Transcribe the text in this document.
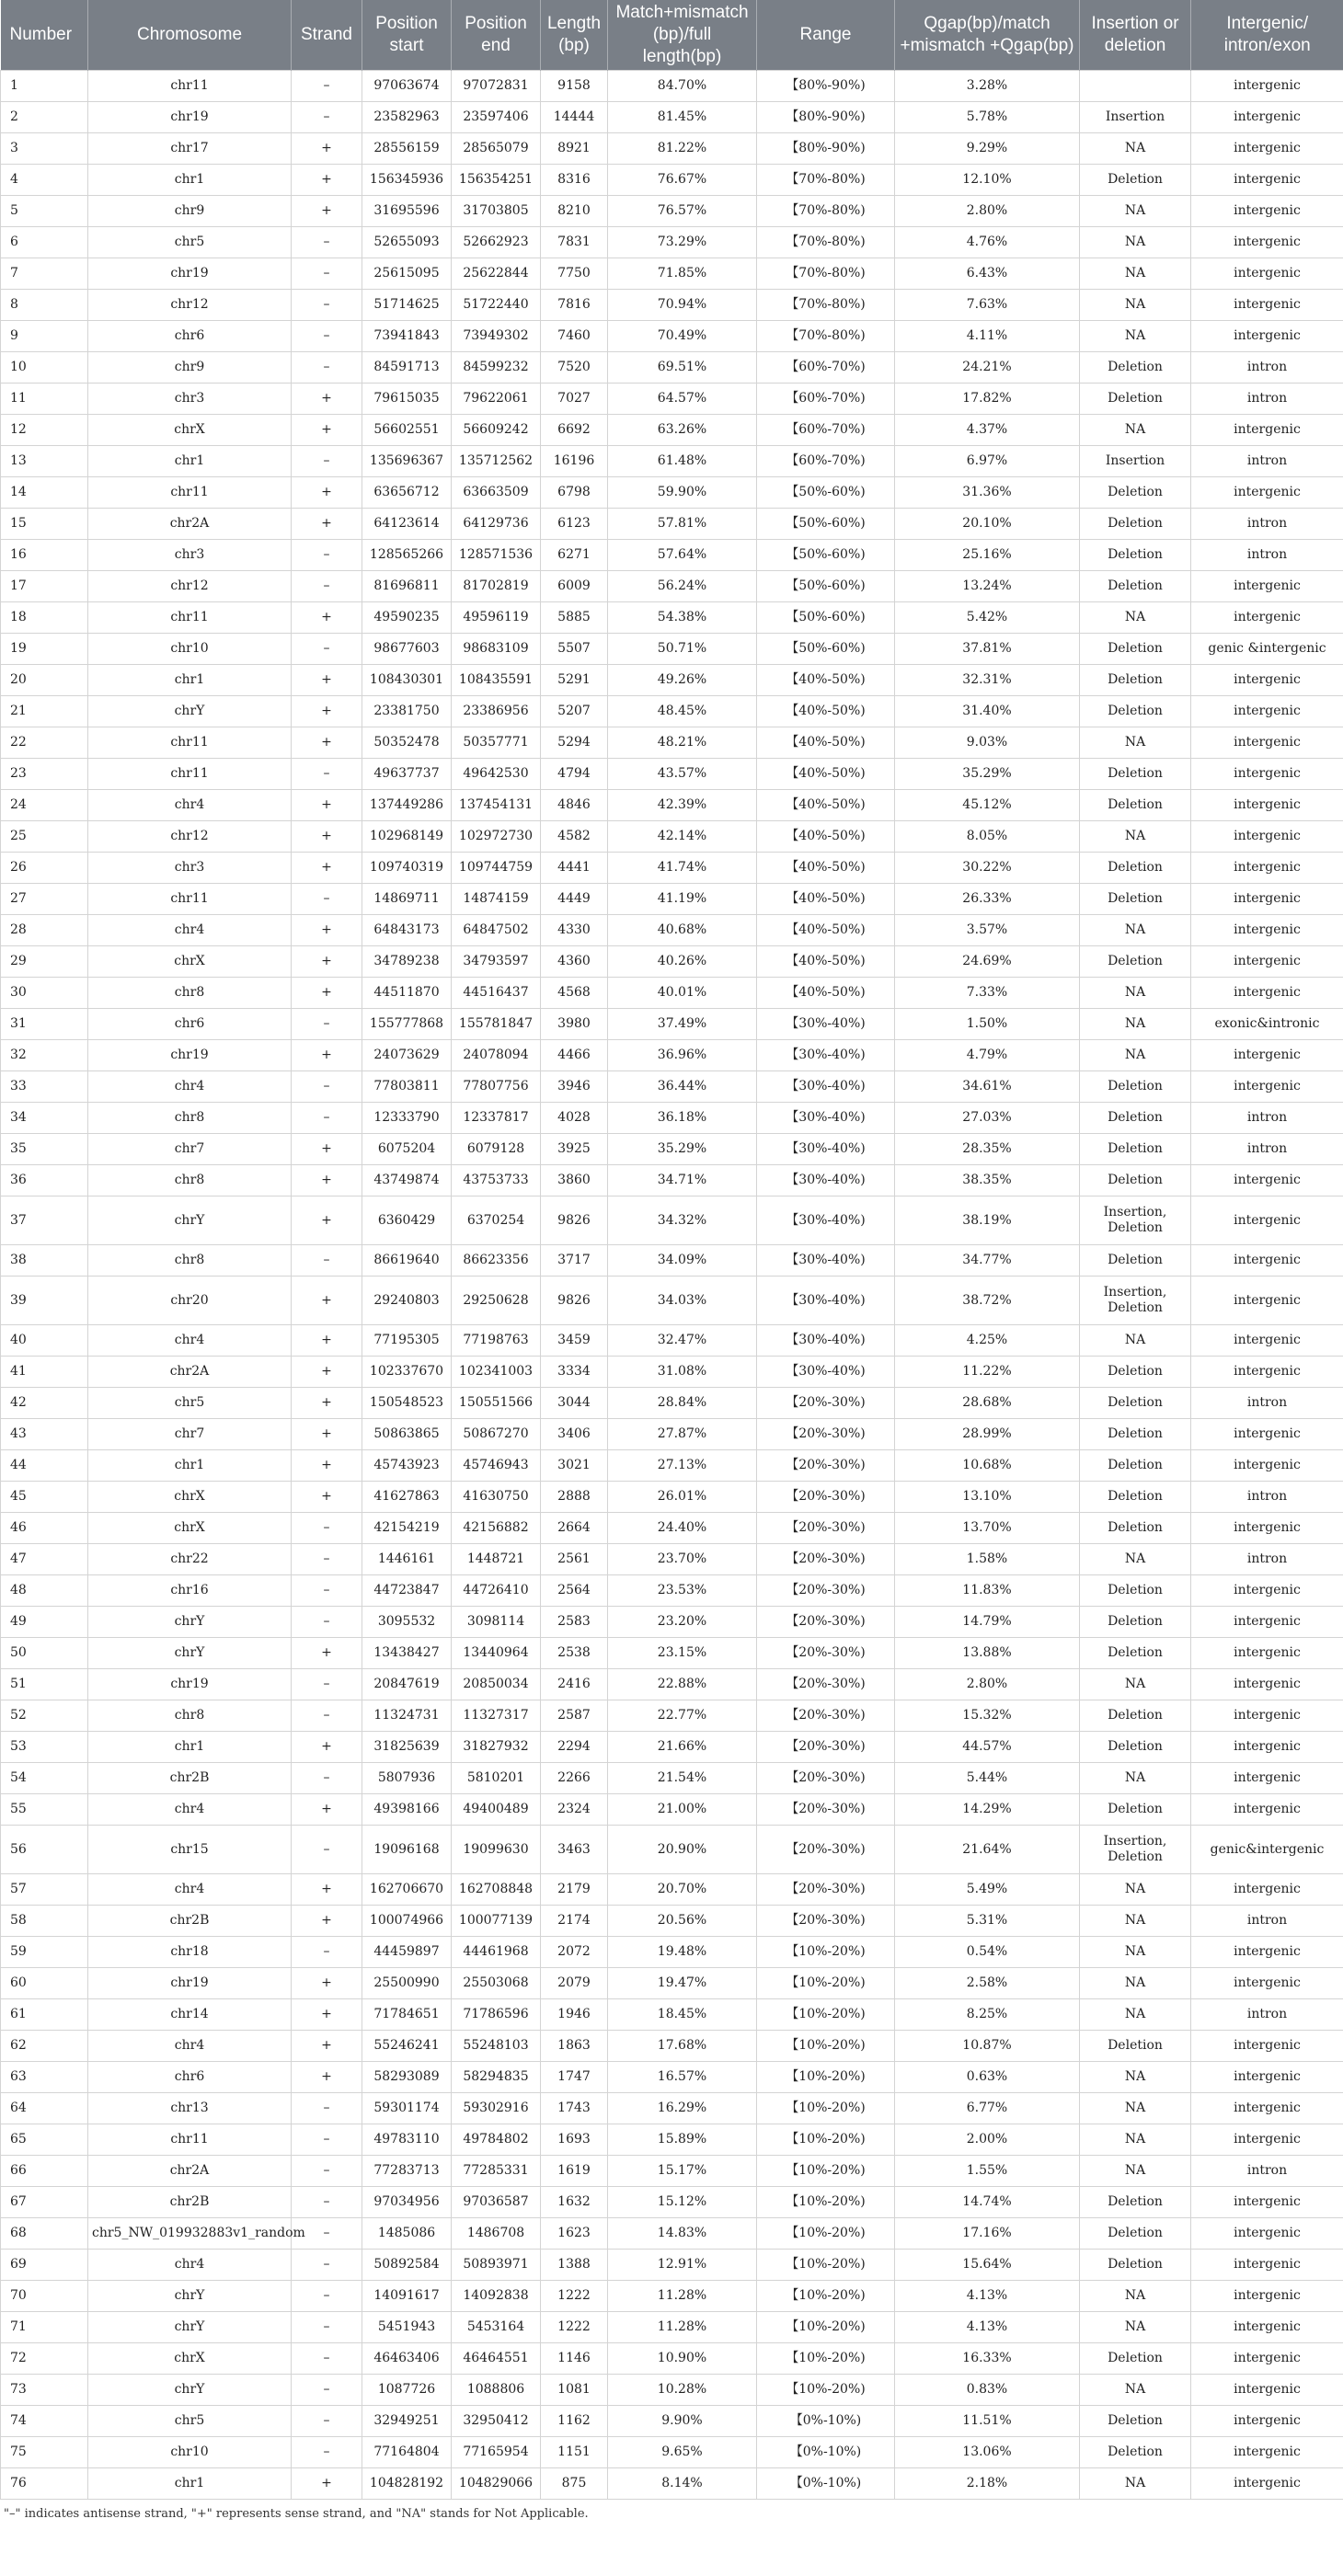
Number	Chromosome	Strand	Position start	Position end	Length (bp)	Match+mismatch (bp)/full length(bp)	Range	Qgap(bp)/match +mismatch +Qgap(bp)	Insertion or deletion	Intergenic/ intron/exon
1	chr11	–	97063674	97072831	9158	84.70%	【80%-90%)	3.28%		intergenic
2	chr19	–	23582963	23597406	14444	81.45%	【80%-90%)	5.78%	Insertion	intergenic
3	chr17	+	28556159	28565079	8921	81.22%	【80%-90%)	9.29%	NA	intergenic
4	chr1	+	156345936	156354251	8316	76.67%	【70%-80%)	12.10%	Deletion	intergenic
5	chr9	+	31695596	31703805	8210	76.57%	【70%-80%)	2.80%	NA	intergenic
6	chr5	–	52655093	52662923	7831	73.29%	【70%-80%)	4.76%	NA	intergenic
7	chr19	–	25615095	25622844	7750	71.85%	【70%-80%)	6.43%	NA	intergenic
8	chr12	–	51714625	51722440	7816	70.94%	【70%-80%)	7.63%	NA	intergenic
9	chr6	–	73941843	73949302	7460	70.49%	【70%-80%)	4.11%	NA	intergenic
10	chr9	–	84591713	84599232	7520	69.51%	【60%-70%)	24.21%	Deletion	intron
11	chr3	+	79615035	79622061	7027	64.57%	【60%-70%)	17.82%	Deletion	intron
12	chrX	+	56602551	56609242	6692	63.26%	【60%-70%)	4.37%	NA	intergenic
13	chr1	–	135696367	135712562	16196	61.48%	【60%-70%)	6.97%	Insertion	intron
14	chr11	+	63656712	63663509	6798	59.90%	【50%-60%)	31.36%	Deletion	intergenic
15	chr2A	+	64123614	64129736	6123	57.81%	【50%-60%)	20.10%	Deletion	intron
16	chr3	–	128565266	128571536	6271	57.64%	【50%-60%)	25.16%	Deletion	intron
17	chr12	–	81696811	81702819	6009	56.24%	【50%-60%)	13.24%	Deletion	intergenic
18	chr11	+	49590235	49596119	5885	54.38%	【50%-60%)	5.42%	NA	intergenic
19	chr10	–	98677603	98683109	5507	50.71%	【50%-60%)	37.81%	Deletion	genic &intergenic
20	chr1	+	108430301	108435591	5291	49.26%	【40%-50%)	32.31%	Deletion	intergenic
21	chrY	+	23381750	23386956	5207	48.45%	【40%-50%)	31.40%	Deletion	intergenic
22	chr11	+	50352478	50357771	5294	48.21%	【40%-50%)	9.03%	NA	intergenic
23	chr11	–	49637737	49642530	4794	43.57%	【40%-50%)	35.29%	Deletion	intergenic
24	chr4	+	137449286	137454131	4846	42.39%	【40%-50%)	45.12%	Deletion	intergenic
25	chr12	+	102968149	102972730	4582	42.14%	【40%-50%)	8.05%	NA	intergenic
26	chr3	+	109740319	109744759	4441	41.74%	【40%-50%)	30.22%	Deletion	intergenic
27	chr11	–	14869711	14874159	4449	41.19%	【40%-50%)	26.33%	Deletion	intergenic
28	chr4	+	64843173	64847502	4330	40.68%	【40%-50%)	3.57%	NA	intergenic
29	chrX	+	34789238	34793597	4360	40.26%	【40%-50%)	24.69%	Deletion	intergenic
30	chr8	+	44511870	44516437	4568	40.01%	【40%-50%)	7.33%	NA	intergenic
31	chr6	–	155777868	155781847	3980	37.49%	【30%-40%)	1.50%	NA	exonic&intronic
32	chr19	+	24073629	24078094	4466	36.96%	【30%-40%)	4.79%	NA	intergenic
33	chr4	–	77803811	77807756	3946	36.44%	【30%-40%)	34.61%	Deletion	intergenic
34	chr8	–	12333790	12337817	4028	36.18%	【30%-40%)	27.03%	Deletion	intron
35	chr7	+	6075204	6079128	3925	35.29%	【30%-40%)	28.35%	Deletion	intron
36	chr8	+	43749874	43753733	3860	34.71%	【30%-40%)	38.35%	Deletion	intergenic
37	chrY	+	6360429	6370254	9826	34.32%	【30%-40%)	38.19%	Insertion, Deletion	intergenic
38	chr8	–	86619640	86623356	3717	34.09%	【30%-40%)	34.77%	Deletion	intergenic
39	chr20	+	29240803	29250628	9826	34.03%	【30%-40%)	38.72%	Insertion, Deletion	intergenic
40	chr4	+	77195305	77198763	3459	32.47%	【30%-40%)	4.25%	NA	intergenic
41	chr2A	+	102337670	102341003	3334	31.08%	【30%-40%)	11.22%	Deletion	intergenic
42	chr5	+	150548523	150551566	3044	28.84%	【20%-30%)	28.68%	Deletion	intron
43	chr7	+	50863865	50867270	3406	27.87%	【20%-30%)	28.99%	Deletion	intergenic
44	chr1	+	45743923	45746943	3021	27.13%	【20%-30%)	10.68%	Deletion	intergenic
45	chrX	+	41627863	41630750	2888	26.01%	【20%-30%)	13.10%	Deletion	intron
46	chrX	–	42154219	42156882	2664	24.40%	【20%-30%)	13.70%	Deletion	intergenic
47	chr22	–	1446161	1448721	2561	23.70%	【20%-30%)	1.58%	NA	intron
48	chr16	–	44723847	44726410	2564	23.53%	【20%-30%)	11.83%	Deletion	intergenic
49	chrY	–	3095532	3098114	2583	23.20%	【20%-30%)	14.79%	Deletion	intergenic
50	chrY	+	13438427	13440964	2538	23.15%	【20%-30%)	13.88%	Deletion	intergenic
51	chr19	–	20847619	20850034	2416	22.88%	【20%-30%)	2.80%	NA	intergenic
52	chr8	–	11324731	11327317	2587	22.77%	【20%-30%)	15.32%	Deletion	intergenic
53	chr1	+	31825639	31827932	2294	21.66%	【20%-30%)	44.57%	Deletion	intergenic
54	chr2B	–	5807936	5810201	2266	21.54%	【20%-30%)	5.44%	NA	intergenic
55	chr4	+	49398166	49400489	2324	21.00%	【20%-30%)	14.29%	Deletion	intergenic
56	chr15	–	19096168	19099630	3463	20.90%	【20%-30%)	21.64%	Insertion, Deletion	genic&intergenic
57	chr4	+	162706670	162708848	2179	20.70%	【20%-30%)	5.49%	NA	intergenic
58	chr2B	+	100074966	100077139	2174	20.56%	【20%-30%)	5.31%	NA	intron
59	chr18	–	44459897	44461968	2072	19.48%	【10%-20%)	0.54%	NA	intergenic
60	chr19	+	25500990	25503068	2079	19.47%	【10%-20%)	2.58%	NA	intergenic
61	chr14	+	71784651	71786596	1946	18.45%	【10%-20%)	8.25%	NA	intron
62	chr4	+	55246241	55248103	1863	17.68%	【10%-20%)	10.87%	Deletion	intergenic
63	chr6	+	58293089	58294835	1747	16.57%	【10%-20%)	0.63%	NA	intergenic
64	chr13	–	59301174	59302916	1743	16.29%	【10%-20%)	6.77%	NA	intergenic
65	chr11	–	49783110	49784802	1693	15.89%	【10%-20%)	2.00%	NA	intergenic
66	chr2A	–	77283713	77285331	1619	15.17%	【10%-20%)	1.55%	NA	intron
67	chr2B	–	97034956	97036587	1632	15.12%	【10%-20%)	14.74%	Deletion	intergenic
68	chr5_NW_019932883v1_random	–	1485086	1486708	1623	14.83%	【10%-20%)	17.16%	Deletion	intergenic
69	chr4	–	50892584	50893971	1388	12.91%	【10%-20%)	15.64%	Deletion	intergenic
70	chrY	–	14091617	14092838	1222	11.28%	【10%-20%)	4.13%	NA	intergenic
71	chrY	–	5451943	5453164	1222	11.28%	【10%-20%)	4.13%	NA	intergenic
72	chrX	–	46463406	46464551	1146	10.90%	【10%-20%)	16.33%	Deletion	intergenic
73	chrY	–	1087726	1088806	1081	10.28%	【10%-20%)	0.83%	NA	intergenic
74	chr5	–	32949251	32950412	1162	9.90%	【0%-10%)	11.51%	Deletion	intergenic
75	chr10	–	77164804	77165954	1151	9.65%	【0%-10%)	13.06%	Deletion	intergenic
76	chr1	+	104828192	104829066	875	8.14%	【0%-10%)	2.18%	NA	intergenic
"–" indicates antisense strand, "+" represents sense strand, and "NA" stands for Not Applicable.
